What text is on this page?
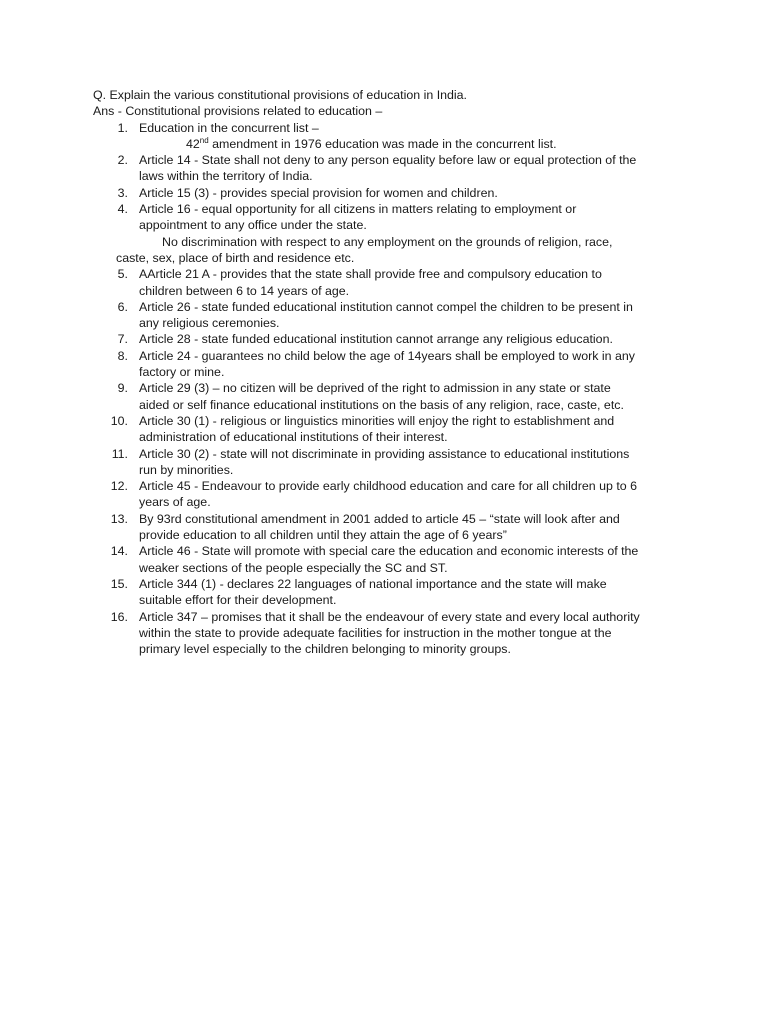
Q. Explain the various constitutional provisions of education in India.
Ans - Constitutional provisions related to education –
1. Education in the concurrent list –
42nd amendment in 1976 education was made in the concurrent list.
2. Article 14 - State shall not deny to any person equality before law or equal protection of the
laws within the territory of India.
3. Article 15 (3) - provides special provision for women and children.
4. Article 16 - equal opportunity for all citizens in matters relating to employment or
appointment to any office under the state.
No discrimination with respect to any employment on the grounds of religion, race,
caste, sex, place of birth and residence etc.
5. AArticle 21 A - provides that the state shall provide free and compulsory education to
children between 6 to 14 years of age.
6. Article 26 - state funded educational institution cannot compel the children to be present in
any religious ceremonies.
7. Article 28 - state funded educational institution cannot arrange any religious education.
8. Article 24 - guarantees no child below the age of 14years shall be employed to work in any
factory or mine.
9. Article 29 (3) – no citizen will be deprived of the right to admission in any state or state
aided or self finance educational institutions on the basis of any religion, race, caste, etc.
10. Article 30 (1) - religious or linguistics minorities will enjoy the right to establishment and
administration of educational institutions of their interest.
11. Article 30 (2) - state will not discriminate in providing assistance to educational institutions
run by minorities.
12. Article 45 - Endeavour to provide early childhood education and care for all children up to 6
years of age.
13. By 93rd constitutional amendment in 2001 added to article 45 – “state will look after and
provide education to all children until they attain the age of 6 years”
14. Article 46 - State will promote with special care the education and economic interests of the
weaker sections of the people especially the SC and ST.
15. Article 344 (1) - declares 22 languages of national importance and the state will make
suitable effort for their development.
16. Article 347 – promises that it shall be the endeavour of every state and every local authority
within the state to provide adequate facilities for instruction in the mother tongue at the
primary level especially to the children belonging to minority groups.
